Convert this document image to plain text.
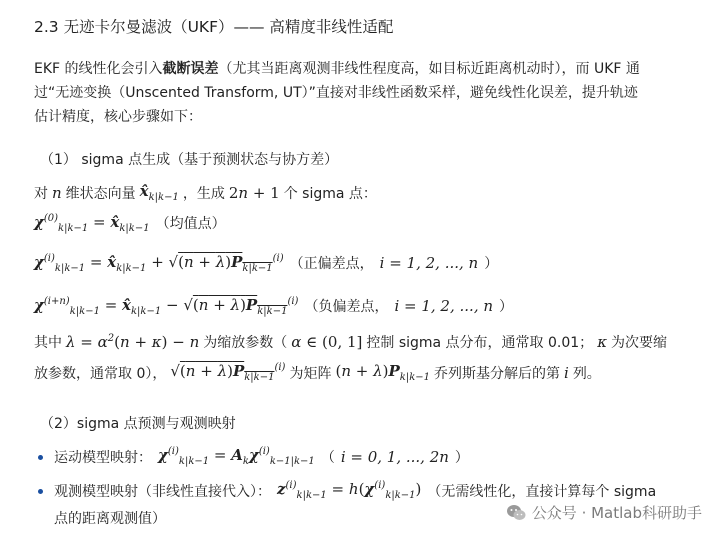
2.3 无迹卡尔曼滤波（UKF）—— 高精度非线性适配
EKF 的线性化会引入截断误差（尤其当距离观测非线性程度高，如目标近距离机动时），而 UKF 通
过“无迹变换（Unscented Transform, UT）”直接对非线性函数采样，避免线性化误差，提升轨迹
估计精度，核心步骤如下：
（1） sigma 点生成（基于预测状态与协方差）
对 n 维状态向量 $x̂_{k|k-1}$ ，生成 2n + 1 个 sigma 点：
$\chi^{(0)}_{k|k-1}$ = $x̂_{k|k-1}$ （均值点）
$\chi^{(i)}_{k|k-1}$ = $x̂_{k|k-1} + √(n + \lambda)P_{k|k-1}^{(i)}$ （正偏差点， i = 1, 2, ..., n ）
$\chi^{(i+n)}_{k|k-1}$ = $x̂_{k|k-1} - √(n + \lambda)P_{k|k-1}^{(i)}$ （负偏差点， i = 1, 2, ..., n ）
其中 $\lambda = \alpha^2(n + \kappa) - n$ 为缩放参数（ α ∈ (0, 1] 控制 sigma 点分布，通常取 0.01； κ 为次要缩
放参数，通常取 0）， $√(n + \lambda)P_{k|k-1}^{(i)}$ 为矩阵 $(n + \lambda)P_{k|k-1}$ 乔列斯基分解后的第 i 列。
（2）sigma 点预测与观测映射
运动模型映射： $\chi^{(i)}_{k|k-1} = A_k\chi^{(i)}_{k-1|k-1}$ （ i = 0, 1, ..., 2n ）
观测模型映射（非线性直接代入）： $z^{(i)}_{k|k-1} = h(\chi^{(i)}_{k|k-1})$ （无需线性化，直接计算每个 sigma
点的距离观测值）	公众号 · Matlab科研助手
